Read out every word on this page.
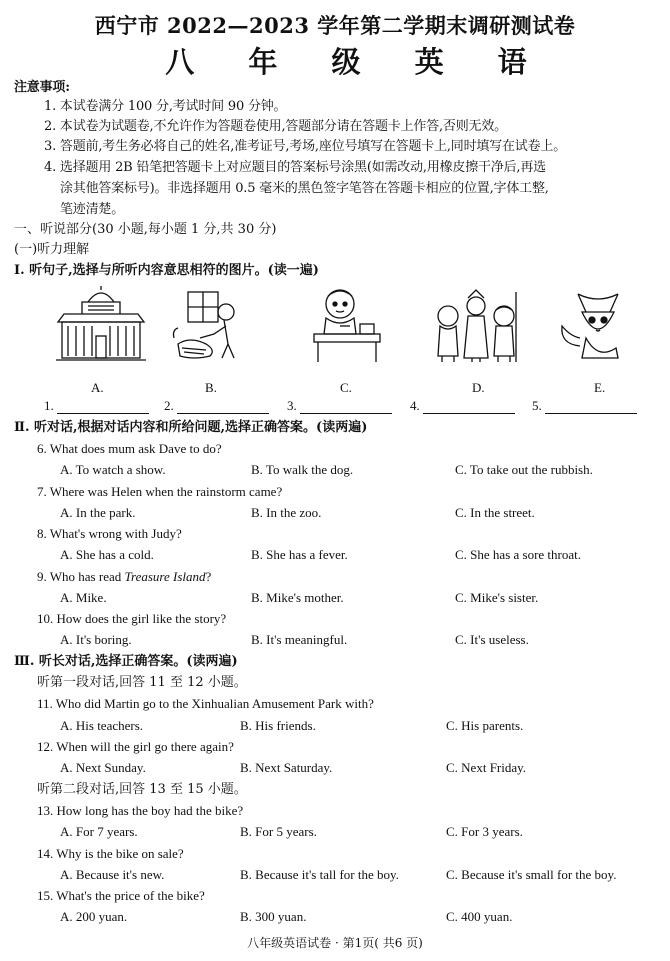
西宁市 2022—2023 学年第二学期末调研测试卷
八 年 级 英 语
注意事项:
1. 本试卷满分 100 分,考试时间 90 分钟。
2. 本试卷为试题卷,不允许作为答题卷使用,答题部分请在答题卡上作答,否则无效。
3. 答题前,考生务必将自己的姓名,准考证号,考场,座位号填写在答题卡上,同时填写在试卷上。
4. 选择题用 2B 铅笔把答题卡上对应题目的答案标号涂黑(如需改动,用橡皮擦干净后,再选
涂其他答案标号)。非选择题用 0.5 毫米的黑色签字笔答在答题卡相应的位置,字体工整,
笔迹清楚。
一、听说部分(30 小题,每小题 1 分,共 30 分)
(一)听力理解
Ⅰ. 听句子,选择与所听内容意思相符的图片。(读一遍)
A.	B.	C.	D.	E.
1.	2.	3.	4.	5.
Ⅱ. 听对话,根据对话内容和所给问题,选择正确答案。(读两遍)
6. What does mum ask Dave to do?
A. To watch a show.	B. To walk the dog.	C. To take out the rubbish.
7. Where was Helen when the rainstorm came?
A. In the park.	B. In the zoo.	C. In the street.
8. What's wrong with Judy?
A. She has a cold.	B. She has a fever.	C. She has a sore throat.
9. Who has read Treasure Island?
A. Mike.	B. Mike's mother.	C. Mike's sister.
10. How does the girl like the story?
A. It's boring.	B. It's meaningful.	C. It's useless.
Ⅲ. 听长对话,选择正确答案。(读两遍)
听第一段对话,回答 11 至 12 小题。
11. Who did Martin go to the Xinhualian Amusement Park with?
A. His teachers.	B. His friends.	C. His parents.
12. When will the girl go there again?
A. Next Sunday.	B. Next Saturday.	C. Next Friday.
听第二段对话,回答 13 至 15 小题。
13. How long has the boy had the bike?
A. For 7 years.	B. For 5 years.	C. For 3 years.
14. Why is the bike on sale?
A. Because it's new.	B. Because it's tall for the boy.	C. Because it's small for the boy.
15. What's the price of the bike?
A. 200 yuan.	B. 300 yuan.	C. 400 yuan.
八年级英语试卷 · 第1页( 共6 页)
